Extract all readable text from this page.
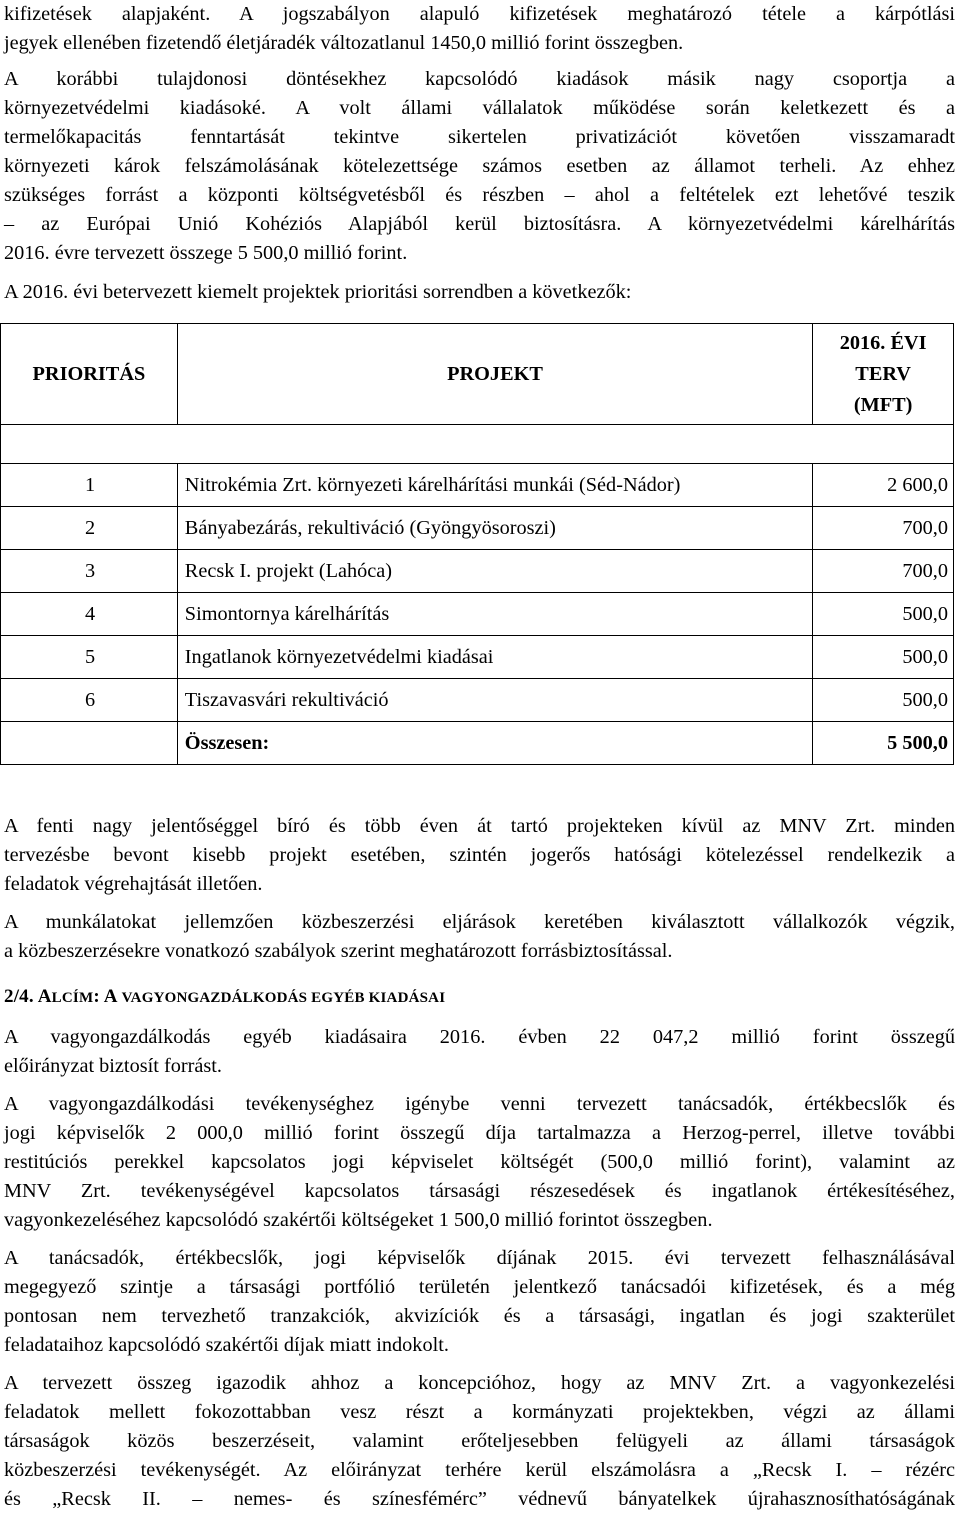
kifizetések alapjaként. A jogszabályon alapuló kifizetések meghatározó tétele a kárpótlási
jegyek ellenében fizetendő életjáradék változatlanul 1450,0 millió forint összegben.

A korábbi tulajdonosi döntésekhez kapcsolódó kiadások másik nagy csoportja a
környezetvédelmi kiadásoké. A volt állami vállalatok működése során keletkezett és a
termelőkapacitás fenntartását tekintve sikertelen privatizációt követően visszamaradt
környezeti károk felszámolásának kötelezettsége számos esetben az államot terheli. Az ehhez
szükséges forrást a központi költségvetésből és részben – ahol a feltételek ezt lehetővé teszik
– az Európai Unió Kohéziós Alapjából kerül biztosításra. A környezetvédelmi kárelhárítás
2016. évre tervezett összege 5 500,0 millió forint.

A 2016. évi betervezett kiemelt projektek prioritási sorrendben a következők:

PRIORITÁS	PROJEKT	2016. ÉVI
TERV
(MFT)

1	Nitrokémia Zrt. környezeti kárelhárítási munkái (Séd-Nádor)	2 600,0
2	Bányabezárás, rekultiváció (Gyöngyösoroszi)	700,0
3	Recsk I. projekt (Lahóca)	700,0
4	Simontornya kárelhárítás	500,0
5	Ingatlanok környezetvédelmi kiadásai	500,0
6	Tiszavasvári rekultiváció	500,0
	Összesen:	5 500,0

A fenti nagy jelentőséggel bíró és több éven át tartó projekteken kívül az MNV Zrt. minden
tervezésbe bevont kisebb projekt esetében, szintén jogerős hatósági kötelezéssel rendelkezik a
feladatok végrehajtását illetően.

A munkálatokat jellemzően közbeszerzési eljárások keretében kiválasztott vállalkozók végzik,
a közbeszerzésekre vonatkozó szabályok szerint meghatározott forrásbiztosítással.

2/4. ALCÍM: A VAGYONGAZDÁLKODÁS EGYÉB KIADÁSAI

A vagyongazdálkodás egyéb kiadásaira 2016. évben 22 047,2 millió forint összegű
előirányzat biztosít forrást.

A vagyongazdálkodási tevékenységhez igénybe venni tervezett tanácsadók, értékbecslők és
jogi képviselők 2 000,0 millió forint összegű díja tartalmazza a Herzog-perrel, illetve további
restitúciós perekkel kapcsolatos jogi képviselet költségét (500,0 millió forint), valamint az
MNV Zrt. tevékenységével kapcsolatos társasági részesedések és ingatlanok értékesítéséhez,
vagyonkezeléséhez kapcsolódó szakértői költségeket 1 500,0 millió forintot összegben.

A tanácsadók, értékbecslők, jogi képviselők díjának 2015. évi tervezett felhasználásával
megegyező szintje a társasági portfólió területén jelentkező tanácsadói kifizetések, és a még
pontosan nem tervezhető tranzakciók, akvizíciók és a társasági, ingatlan és jogi szakterület
feladataihoz kapcsolódó szakértői díjak miatt indokolt.

A tervezett összeg igazodik ahhoz a koncepcióhoz, hogy az MNV Zrt. a vagyonkezelési
feladatok mellett fokozottabban vesz részt a kormányzati projektekben, végzi az állami
társaságok közös beszerzéseit, valamint erőteljesebben felügyeli az állami társaságok
közbeszerzési tevékenységét. Az előirányzat terhére kerül elszámolásra a „Recsk I. – rézérc
és „Recsk II. – nemes- és színesfémérc” védnevű bányatelkek újrahasznosíthatóságának
